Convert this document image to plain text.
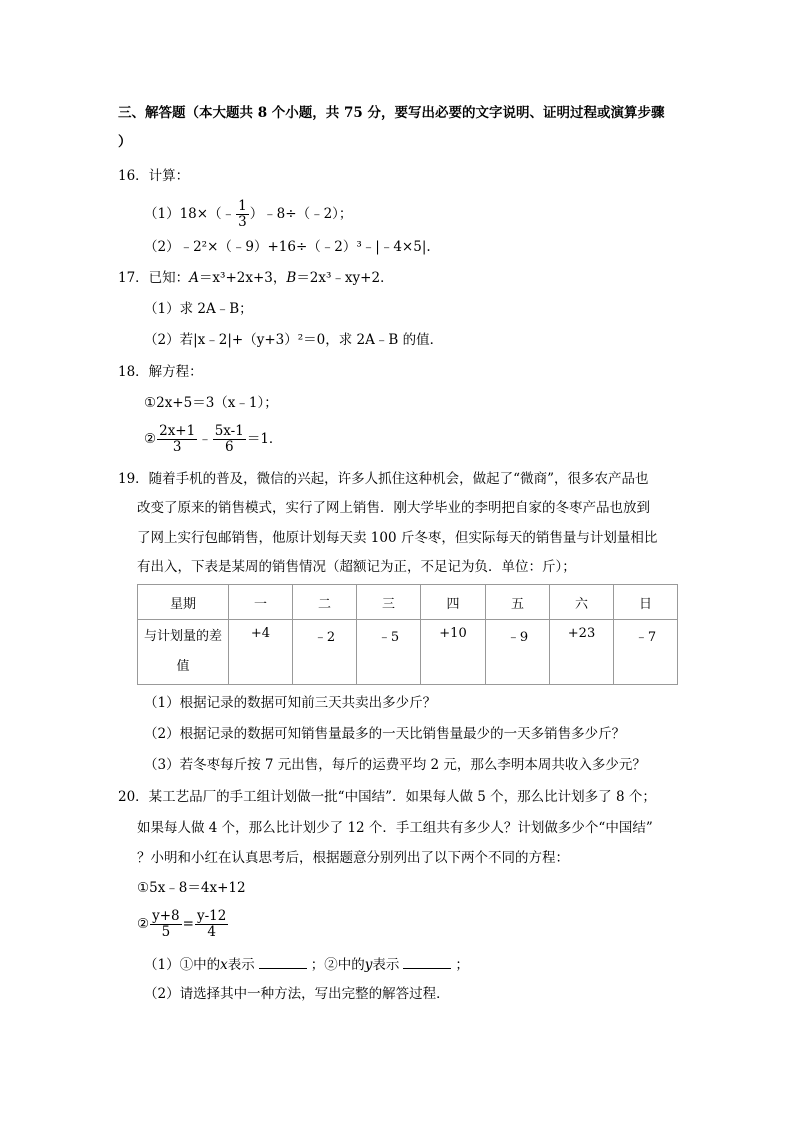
三、解答题（本大题共 8 个小题，共 75 分，要写出必要的文字说明、证明过程或演算步骤
）
16．计算：
（1）18×（﹣ $\frac{1}{3}$ ）﹣8÷（﹣2）；
（2）﹣2²×（﹣9）+16÷（﹣2）³﹣|﹣4×5|.
17．已知：A＝x³+2x+3，B＝2x³﹣xy+2．
（1）求 2A﹣B；
（2）若|x﹣2|+（y+3）²＝0，求 2A﹣B 的值．
18．解方程：
①2x+5＝3（x﹣1）；
② $\frac{2x+1}{3}$ ﹣ $\frac{5x-1}{6} =1$．
19．随着手机的普及，微信的兴起，许多人抓住这种机会，做起了“微商”，很多农产品也
改变了原来的销售模式，实行了网上销售．刚大学毕业的李明把自家的冬枣产品也放到
了网上实行包邮销售，他原计划每天卖 100 斤冬枣，但实际每天的销售量与计划量相比
有出入，下表是某周的销售情况（超额记为正，不足记为负．单位：斤）；
星期	一	二	三	四	五	六	日
与计划量的差
值	+4	﹣2	﹣5	+10	﹣9	+23	﹣7
（1）根据记录的数据可知前三天共卖出多少斤？
（2）根据记录的数据可知销售量最多的一天比销售量最少的一天多销售多少斤？
（3）若冬枣每斤按 7 元出售，每斤的运费平均 2 元，那么李明本周共收入多少元？
20．某工艺品厂的手工组计划做一批“中国结”．如果每人做 5 个，那么比计划多了 8 个；
如果每人做 4 个，那么比计划少了 12 个．手工组共有多少人？计划做多少个“中国结”
？小明和小红在认真思考后，根据题意分别列出了以下两个不同的方程：
①5x﹣8＝4x+12
② $\frac{y+8}{5} = \frac{y-12}{4}$
（1）①中的x表示	；②中的y表示	；
（2）请选择其中一种方法，写出完整的解答过程．
